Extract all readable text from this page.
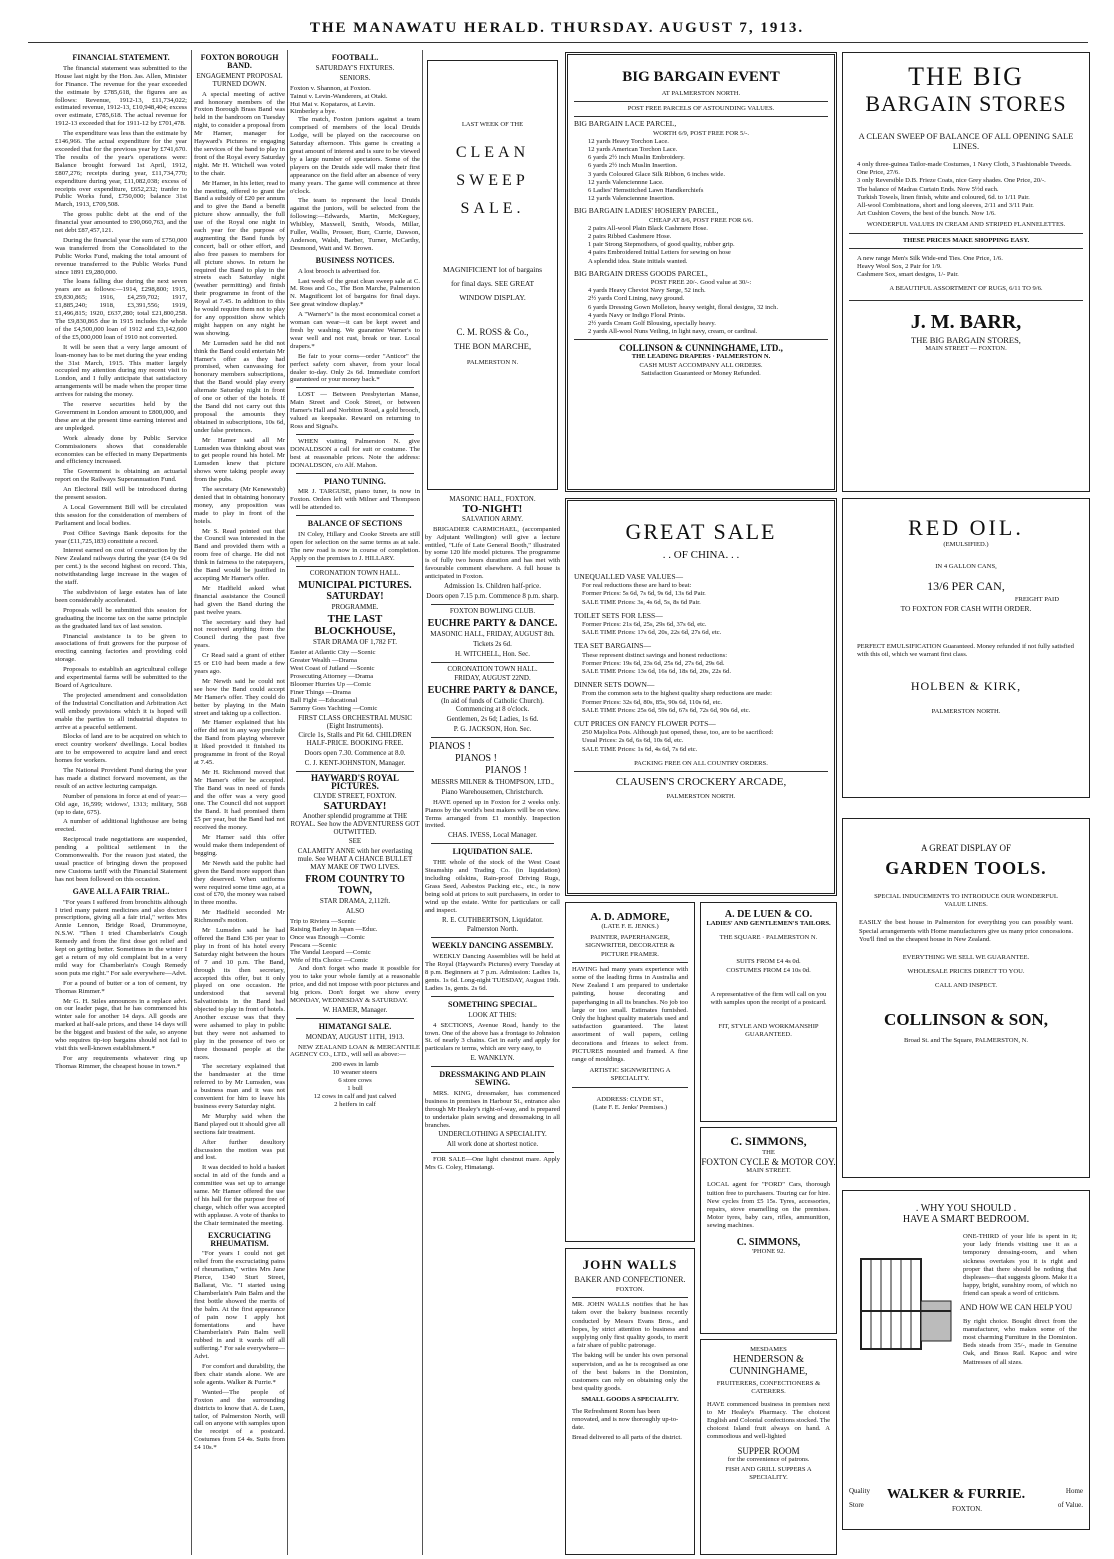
THE MANAWATU HERALD. THURSDAY. AUGUST 7, 1913.
FINANCIAL STATEMENT.

The financial statement was submitted to the House last night by the Hon. Jas. Allen, Minister for Finance. The revenue for the year exceeded the estimate by £785,618, the figures are as follows: Revenue, 1912-13, £11,734,022; estimated revenue, 1912-13, £10,948,404; excess over estimate, £785,618. The actual revenue for 1912-13 exceeded that for 1911-12 by £701,478.

The expenditure was less than the estimate by £146,966. The actual expenditure for the year exceeded that for the previous year by £741,670. The results of the year's operations were: Balance brought forward 1st April, 1912, £807,276; receipts during year, £11,734,770; expenditure during year, £11,082,038; excess of receipts over expenditure, £652,232; tranfer to Public Works fund, £750,000; balance 31st March, 1913, £709,508.

The gross public debt at the end of the financial year amounted to £90,060,763, and the net debt £87,457,121.

During the financial year the sum of £750,000 was transferred from the Consolidated to the Public Works Fund, making the total amount of revenue transferred to the Public Works Fund since 1891 £9,280,000.

The loans falling due during the next seven years are as follows:—1914, £298,800; 1915, £9,830,865; 1916, £4,259,702; 1917, £1,885,240; 1918, £3,391,556; 1919, £1,496,815; 1920, £637,280; total £21,800,258. The £9,830,865 due in 1915 includes the whole of the £4,500,000 loan of 1912 and £3,142,600 of the £5,000,000 loan of 1910 not converted.

It will be seen that a very large amount of loan-money has to be met during the year ending the 31st March, 1915. This matter largely occupied my attention during my recent visit to London, and I fully anticipate that satisfactory arrangements will be made when the proper time arrives for raising the money.

The reserve securities held by the Government in London amount to £800,000, and these are at the present time earning interest and are unpledged.

Work already done by Public Service Commissioners shows that considerable economies can be effected in many Departments and efficiency increased.

The Government is obtaining an actuarial report on the Railways Superannuation Fund.

An Electoral Bill will be introduced during the present session.

A Local Government Bill will be circulated this session for the consideration of members of Parliament and local bodies.

Post Office Savings Bank deposits for the year (£11,725,183) constitute a record.

Interest earned on cost of construction by the New Zealand railways during the year (£4 0s 9d per cent.) is the second highest on record. This, notwithstanding large increase in the wages of the staff.

The subdivision of large estates has of late been considerably accelerated.

Proposals will be submitted this session for graduating the income tax on the same principle as the graduated land tax of last session.

Financial assistance is to be given to associations of fruit growers for the purpose of erecting canning factories and providing cold storage.

Proposals to establish an agricultural college and experimental farms will be submitted to the Board of Agriculture.

The projected amendment and consolidation of the Industrial Conciliation and Arbitration Act will embody provisions which it is hoped will enable the parties to all industrial disputes to arrive at a peaceful settlement.

Blocks of land are to be acquired on which to erect country workers' dwellings. Local bodies are to be empowered to acquire land and erect homes for workers.

The National Provident Fund during the year has made a distinct forward movement, as the result of an active lecturing campaign.

Number of pensions in force at end of year:—Old age, 16,599; widows', 1313; military, 568 (up to date, 675).

A number of additional lighthouse are being erected.

Reciprocal trade negotiations are suspended, pending a political settlement in the Commonwealth. For the reason just stated, the usual practice of bringing down the proposed new Customs tariff with the Financial Statement has not been followed on this occasion.

GAVE ALL A FAIR TRIAL.

"For years I suffered from bronchitis although I tried many patent medicines and also doctors prescriptions, giving all a fair trial," writes Mrs Annie Lennon, Bridge Road, Drummoyne, N.S.W. "Then I tried Chamberlain's Cough Remedy and from the first dose got relief and kept on getting better. Sometimes in the winter I get a return of my old complaint but in a very mild way for Chamberlain's Cough Remedy soon puts me right." For sale everywhere—Advt.

For a pound of butter or a ton of cement, try Thomas Rimmer.*

Mr G. H. Stiles announces in a replace advt. on our leader page, that he has commenced his winter sale for another 14 days. All goods are marked at half-sale prices, and these 14 days will be the biggest and busiest of the sale, so anyone who requires tip-top bargains should not fail to visit this well-known establishment.*

For any requirements whatever ring up Thomas Rimmer, the cheapest house in town.*

FOXTON BOROUGH BAND.
ENGAGEMENT PROPOSAL TURNED DOWN.

A special meeting of active and honorary members of the Foxton Borough Brass Band was held in the bandroom on Tuesday night, to consider a proposal from Mr Hamer, manager for Hayward's Pictures re engaging the services of the band to play in front of the Royal every Saturday night. Mr H. Witchell was voted to the chair.

Mr Hamer, in his letter, read to the meeting, offered to grant the Band a subsidy of £20 per annum and to give the Band a benefit picture show annually, the full use of the Royal one night in each year for the purpose of augmenting the Band funds by concert, ball or other effort, and also free passes to members for all picture shows. In return he required the Band to play in the streets each Saturday night (weather permitting) and finish their programme in front of the Royal at 7.45. In addition to this he would require them not to play for any opposition show which might happen on any night he was showing.

Mr Lumsden said he did not think the Band could entertain Mr Hamer's offer as they had promised, when canvassing for honorary members subscriptions, that the Band would play every alternate Saturday night in front of one or other of the hotels. If the Band did not carry out this proposal the amounts they obtained in subscriptions, 10s 6d, under false pretences.

Mr Hamer said all Mr Lumsden was thinking about was to get people round his hotel. Mr Lumsden knew that picture shows were taking people away from the pubs.

The secretary (Mr Kenewstub) denied that in obtaining honorary money, any proposition was made to play in front of the hotels.

Mr S. Read pointed out that the Council was interested in the Band and provided them with a room free of charge. He did not think in fairness to the ratepayers, the Band would be justified in accepting Mr Hamer's offer.

Mr Hadfield asked what financial assistance the Council had given the Band during the past twelve years.

The secretary said they had not received anything from the Council during the past five years.

Cr Read said a grant of either £5 or £10 had been made a few years ago.

Mr Newth said he could not see how the Band could accept Mr Hamer's offer. They could do better by playing in the Main street and taking up a collection.

Mr Hamer explained that his offer did not in any way preclude the Band from playing wherever it liked provided it finished its programme in front of the Royal at 7.45.

Mr H. Richmond moved that Mr Hamer's offer be accepted. The Band was in need of funds and the offer was a very good one. The Council did not support the Band. It had promised them £5 per year, but the Band had not received the money.

Mr Hamer said this offer would make them independent of begging.

Mr Newth said the public had given the Band more support than they deserved. When uniforms were required some time ago, at a cost of £70, the money was raised in three months.

Mr Hadfield seconded Mr Richmond's motion.

Mr Lumsden said he had offered the Band £36 per year to play in front of his hotel every Saturday night between the hours of 7 and 10 p.m. The Band, through its then secretary, accepted this offer, but it only played on one occasion. He understood that several Salvationists in the Band had objected to play in front of hotels. Another excuse was that they were ashamed to play in public but they were not ashamed to play in the presence of two or three thousand people at the races.

The secretary explained that the bandmaster at the time referred to by Mr Lumsden, was a business man and it was not convenient for him to leave his business every Saturday night.

Mr Murphy said when the Band played out it should give all sections fair treatment.

After further desultory discussion the motion was put and lost.

It was decided to hold a basket social in aid of the funds and a committee was set up to arrange same. Mr Hamer offered the use of his hall for the purpose free of charge, which offer was accepted with applause. A vote of thanks to the Chair terminated the meeting.

EXCRUCIATING RHEUMATISM.

"For years I could not get relief from the excruciating pains of rheumatism," writes Mrs Jane Pierce, 1340 Sturt Street, Ballarat, Vic. "I started using Chamberlain's Pain Balm and the first bottle showed the merits of the balm. At the first appearance of pain now I apply hot fomentations and have Chamberlain's Pain Balm well rubbed in and it wards off all suffering." For sale everywhere—Advt.

For comfort and durability, the Ibex chair stands alone. We are sole agents. Walker & Furrie.*

Wanted—The people of Foxton and the surrounding districts to know that A. de Luen, tailor, of Palmerston North, will call on anyone with samples upon the receipt of a postcard. Costumes from £4 4s. Suits from £4 10s.*

FOOTBALL.
SATURDAY'S FIXTURES.
SENIORS.
Foxton v. Shannon, at Foxton.
Tainui v. Levin-Wanderers, at Otaki.
Hui Mai v. Kopataros, at Levin.
Kimberley a bye.

The match, Foxton juniors against a team comprised of members of the local Druids Lodge, will be played on the racecourse on Saturday afternoon. This game is creating a great amount of interest and is sure to be viewed by a large number of spectators. Some of the players on the Druids side will make their first appearance on the field after an absence of very many years. The game will commence at three o'clock.

The team to represent the local Druids against the juniors, will be selected from the following:—Edwards, Martin, McKeguey, Whibley, Maxwell, Smith, Woods, Millar, Fuller, Wallis, Prosser, Burr, Currie, Dawson, Anderson, Walsh, Barber, Turner, McCarthy, Desmond, Watt and W. Brown.

BUSINESS NOTICES.

A lost brooch is advertised for.

Last week of the great clean sweep sale at C. M. Ross and Co., The Bon Marche, Palmerston N. Magnificent lot of bargains for final days. See great window display.*

A "Warner's" is the most economical corset a woman can wear—it can be kept sweet and fresh by washing. We guarantee Warner's to wear well and not rust, break or tear. Local drapers.*

Be fair to your corns—order "Anticor" the perfect safety corn shaver, from your local dealer to-day. Only 2s 6d. Immediate comfort guaranteed or your money back.*

LOST — Between Presbyterian Manse, Main Street and Cook Street, or between Hamer's Hall and Norbiton Road, a gold brooch, valued as keepsake. Reward on returning to Ross and Signal's.

WHEN visiting Palmerston N. give DONALDSON a call for suit or costume. The best at reasonable prices. Note the address: DONALDSON, c/o Alf. Mahon.

PIANO TUNING.

MR J. TARGUSE, piano tuner, is now in Foxton. Orders left with Milner and Thompson will be attended to.

BALANCE OF SECTIONS

IN Coley, Hillary and Cooke Streets are still open for selection on the same terms as at sale. The new road is now in course of completion. Apply on the premises to J. HILLARY.

CORONATION TOWN HALL.
MUNICIPAL PICTURES. SATURDAY!
PROGRAMME.
THE LAST BLOCKHOUSE,
STAR DRAMA OF 1,782 FT.
Easter at Atlantic City —Scenic
Greater Wealth —Drama
West Coast of Jutland —Scenic
Prosecuting Attorney —Drama
Bloomer Hurries Up —Comic
Finer Things —Drama
Ball Fight —Educational
Sammy Goes Yachting —Comic
FIRST CLASS ORCHESTRAL MUSIC (Eight Instruments).
Circle 1s, Stalls and Pit 6d. CHILDREN HALF-PRICE. BOOKING FREE.
Doors open 7.30. Commence at 8.0.
C. J. KENT-JOHNSTON, Manager.
HAYWARD'S ROYAL PICTURES.
CLYDE STREET, FOXTON.
SATURDAY!
Another splendid programme at THE ROYAL. See how the ADVENTURESS GOT OUTWITTED.
SEE
CALAMITY ANNE with her everlasting mule. See WHAT A CHANCE BULLET MAY MAKE OF TWO LIVES.
FROM COUNTRY TO TOWN,
STAR DRAMA, 2,112ft.
ALSO
Trip to Riviera —Scenic
Raising Barley in Japan —Educ.
Once was Enough —Comic
Pescara —Scenic
The Vandal Leopard —Comic
Wife of His Choice —Comic

And don't forget who made it possible for you to take your whole family at a reasonable price, and did not impose with poor pictures and big prices. Don't forget we show every MONDAY, WEDNESDAY & SATURDAY.

W. HAMER, Manager.
HIMATANGI SALE.
MONDAY, AUGUST 11TH, 1913.

NEW ZEALAND LOAN & MERCANTILE AGENCY CO., LTD., will sell as above:—

200 ewes in lamb
10 weaner steers
6 store cows
1 bull
12 cows in calf and just calved
2 heifers in calf
LAST WEEK OF THE
CLEAN
SWEEP
SALE.
MAGNIFICIENT lot of bargains for final days. SEE GREAT WINDOW DISPLAY.
C. M. ROSS & Co.,
THE BON MARCHE,
PALMERSTON N.
MASONIC HALL, FOXTON.
TO-NIGHT!
SALVATION ARMY.

BRIGADIER CARMICHAEL, (accompanied by Adjutant Wellington) will give a lecture entitled, "Life of Late General Booth," illustrated by some 120 life model pictures. The programme is of fully two hours duration and has met with favourable comment elsewhere. A full house is anticipated in Foxton.

Admission 1s. Children half-price.
Doors open 7.15 p.m. Commence 8 p.m. sharp.
FOXTON BOWLING CLUB.
EUCHRE PARTY & DANCE.
MASONIC HALL, FRIDAY, AUGUST 8th.
Tickets 2s 6d.
H. WITCHELL, Hon. Sec.
CORONATION TOWN HALL.
FRIDAY, AUGUST 22ND.
EUCHRE PARTY & DANCE,
(In aid of funds of Catholic Church). Commencing at 8 o'clock.
Gentlemen, 2s 6d; Ladies, 1s 6d.
P. G. JACKSON, Hon. Sec.
PIANOS !
PIANOS !
PIANOS !
MESSRS MILNER & THOMPSON, LTD.,
Piano Warehousemen, Christchurch.

HAVE opened up in Foxton for 2 weeks only. Pianos by the world's best makers will be on view. Terms arranged from £1 monthly. Inspection invited.

CHAS. IVESS, Local Manager.
LIQUIDATION SALE.

THE whole of the stock of the West Coast Steamship and Trading Co. (in liquidation) including oilskins, Rain-proof Driving Rugs, Grass Seed, Asbestos Packing etc., etc., is now being sold at prices to suit purchasers, in order to wind up the estate. Write for particulars or call and inspect.

R. E. CUTHBERTSON, Liquidator.
Palmerston North.
WEEKLY DANCING ASSEMBLY.

WEEKLY Dancing Assemblies will be held at The Royal (Hayward's Pictures) every Tuesday at 8 p.m. Beginners at 7 p.m. Admission: Ladies 1s, gents. 1s 6d. Long-night TUESDAY, August 19th. Ladies 1s, gents. 2s 6d.

SOMETHING SPECIAL.
LOOK AT THIS:

4 SECTIONS, Avenue Road, handy to the town. One of the above has a frontage to Johnston St. of nearly 3 chains. Get in early and apply for particulars re terms, which are very easy, to

E. WANKLYN.
DRESSMAKING AND PLAIN SEWING.

MRS. KING, dressmaker, has commenced business in premises in Harbour St., entrance also through Mr Healey's right-of-way, and is prepared to undertake plain sewing and dressmaking in all branches.

UNDERCLOTHING A SPECIALITY.
All work done at shortest notice.

FOR SALE—One light chestnut mare. Apply Mrs G. Coley, Himatangi.

BIG BARGAIN EVENT
AT PALMERSTON NORTH.
POST FREE PARCELS OF ASTOUNDING VALUES.
BIG BARGAIN LACE PARCEL,
WORTH 6/9, POST FREE FOR 5/-.
12 yards Heavy Torchon Lace.
12 yards American Torchon Lace.
6 yards 2½ inch Muslin Embroidery.
6 yards 2½ inch Muslin Insertion.
3 yards Coloured Glace Silk Ribbon, 6 inches wide.
12 yards Valenciennne Lace.
6 Ladies' Hemstitched Lawn Handkerchiefs
12 yards Valenciennne Insertion.
BIG BARGAIN LADIES' HOSIERY PARCEL,
CHEAP AT 8/6, POST FREE FOR 6/6.
2 pairs All-wool Plain Black Cashmere Hose.
2 pairs Ribbed Cashmere Hose.
1 pair Strong Stepmothers, of good quality, rubber grip.
4 pairs Embroidered Initial Letters for sewing on hose
A splendid idea. State initials wanted.
BIG BARGAIN DRESS GOODS PARCEL,
POST FREE 20/-. Good value at 30/-:
4 yards Heavy Cheviot Navy Serge, 52 inch.
2½ yards Cord Lining, navy ground.
6 yards Dressing Gown Molleton, heavy weight, floral designs, 32 inch.
4 yards Navy or Indigo Floral Prints.
2½ yards Cream Golf Blousing, specially heavy.
2 yards All-wool Nuns Veiling, in light navy, cream, or cardinal.
COLLINSON & CUNNINGHAME, LTD.,
THE LEADING DRAPERS · PALMERSTON N.
CASH MUST ACCOMPANY ALL ORDERS.
Satisfaction Guaranteed or Money Refunded.
THE BIG
BARGAIN STORES
A CLEAN SWEEP OF BALANCE OF ALL OPENING SALE LINES.
4 only three-guinea Tailor-made Costumes, 1 Navy Cloth, 3 Fashionable Tweeds. One Price, 27/6.
3 only Reversible D.B. Frieze Coats, nice Grey shades. One Price, 20/-.
The balance of Madras Curtain Ends. Now 5½d each.
Turkish Towels, linen finish, white and coloured, 6d. to 1/11 Pair.
All-wool Combinations, short and long sleeves, 2/11 and 3/11 Pair.
Art Cushion Covers, the best of the bunch. Now 1/6.
WONDERFUL VALUES IN CREAM AND STRIPED FLANNELETTES.
THESE PRICES MAKE SHOPPING EASY.
A new range Men's Silk Wide-end Ties. One Price, 1/6.
Heavy Wool Sox, 2 Pair for 1/9.
Cashmere Sox, smart designs, 1/- Pair.
A BEAUTIFUL ASSORTMENT OF RUGS, 6/11 TO 9/6.
J. M. BARR,
THE BIG BARGAIN STORES,
MAIN STREET — FOXTON.
GREAT SALE
. . OF CHINA. . .
UNEQUALLED VASE VALUES—
For real reductions these are hard to beat:
Former Prices: 5s 6d, 7s 6d, 9s 6d, 13s 6d Pair.
SALE TIME Prices: 3s, 4s 6d, 5s, 8s 6d Pair.
TOILET SETS FOR LESS—
Former Prices: 21s 6d, 25s, 29s 6d, 37s 6d, etc.
SALE TIME Prices: 17s 6d, 20s, 22s 6d, 27s 6d, etc.
TEA SET BARGAINS—
These represent distinct savings and honest reductions:
Former Prices: 19s 6d, 23s 6d, 25s 6d, 27s 6d, 29s 6d.
SALE TIME Prices: 13s 6d, 16s 6d, 18s 6d, 20s, 22s 6d.
DINNER SETS DOWN—
From the common sets to the highest quality sharp reductions are made:
Former Prices: 32s 6d, 80s, 85s, 90s 6d, 110s 6d, etc.
SALE TIME Prices: 25s 6d, 59s 6d, 67s 6d, 72s 6d, 90s 6d, etc.
CUT PRICES ON FANCY FLOWER POTS—
250 Majolica Pots. Although just opened, these, too, are to be sacrificed:
Usual Prices: 2s 6d, 6s 6d, 10s 6d, etc.
SALE TIME Prices: 1s 6d, 4s 6d, 7s 6d etc.
PACKING FREE ON ALL COUNTRY ORDERS.
CLAUSEN'S CROCKERY ARCADE,
PALMERSTON NORTH.
RED OIL.
(EMULSIFIED.)
IN 4 GALLON CANS,
13/6 PER CAN,
FREIGHT PAID
TO FOXTON FOR CASH WITH ORDER.
PERFECT EMULSIFICATION Guaranteed. Money refunded if not fully satisfied with this oil, which we warrant first class.
HOLBEN & KIRK,
PALMERSTON NORTH.
A. D. ADMORE,
(LATE F. E. JENKS.)
PAINTER, PAPERHANGER, SIGNWRITER, DECORATER & PICTURE FRAMER.

HAVING had many years experience with some of the leading firms in Australia and New Zealand I am prepared to undertake painting, house decorating and paperhanging in all its branches. No job too large or too small. Estimates furnished. Only the highest quality materials used and satisfaction guaranteed. The latest assortment of wall papers, ceiling decorations and friezes to select from. PICTURES mounted and framed. A fine range of mouldings.

ARTISTIC SIGNWRITING A SPECIALITY.
ADDRESS: CLYDE ST.,
(Late F. E. Jenks' Premises.)
A. DE LUEN & CO.
LADIES' AND GENTLEMEN'S TAILORS.
THE SQUARE · PALMERSTON N.
SUITS FROM £4 4s 0d.
COSTUMES FROM £4 10s 0d.
A representative of the firm will call on you with samples upon the receipt of a postcard.
FIT, STYLE AND WORKMANSHIP GUARANTEED.
C. SIMMONS,
THE
FOXTON CYCLE & MOTOR COY.
MAIN STREET.

LOCAL agent for "FORD" Cars, thorough tuition free to purchasers. Touring car for hire. New cycles from £5 15s. Tyres, accessories, repairs, stove enamelling on the premises. Motor tyres, baby cars, rifles, ammunition, sewing machines.

C. SIMMONS,
'PHONE 92.
JOHN WALLS
BAKER AND CONFECTIONER.
FOXTON.

MR. JOHN WALLS notifies that he has taken over the bakery business recently conducted by Messrs Evans Bros., and hopes, by strict attention to business and supplying only first quality goods, to merit a fair share of public patronage.

The baking will be under his own personal supervision, and as he is recognised as one of the best bakers in the Dominion, customers can rely on obtaining only the best quality goods.

SMALL GOODS A SPECIALITY.

The Refreshment Room has been renovated, and is now thoroughly up-to-date.

Bread delivered to all parts of the district.

MESDAMES
HENDERSON & CUNNINGHAME,
FRUITERERS, CONFECTIONERS & CATERERS.

HAVE commenced business in premises next to Mr Healey's Pharmacy. The choicest English and Colonial confections stocked. The choicest Island fruit always on hand. A commodious and well-lighted

SUPPER ROOM
for the convenience of patrons.
FISH AND GRILL SUPPERS A SPECIALITY.
A GREAT DISPLAY OF
GARDEN TOOLS.
SPECIAL INDUCEMENTS TO INTRODUCE OUR WONDERFUL VALUE LINES.

EASILY the best house in Palmerston for everything you can possibly want. Special arrangements with Home manufacturers give us many price concessions. You'll find us the cheapest house in New Zealand.

EVERYTHING WE SELL WE GUARANTEE.
WHOLESALE PRICES DIRECT TO YOU.
CALL AND INSPECT.
COLLINSON & SON,
Broad St. and The Square, PALMERSTON, N.
. WHY YOU SHOULD .
HAVE A SMART BEDROOM.

ONE-THIRD of your life is spent in it; your lady friends visiting use it as a temporary dressing-room, and when sickness overtakes you it is right and proper that there should be nothing that displeases—that suggests gloom. Make it a happy, bright, sunshiny room, of which no friend can speak a word of criticism.

AND HOW WE CAN HELP YOU

By right choice. Bought direct from the manufacturer, who makes some of the most charming Furniture in the Dominion. Beds steads from 35/-, made in Genuine Oak, and Brass Rail. Kapoc and wire Mattresses of all sizes.

Quality
Store
WALKER & FURRIE.	Home
of Value.
FOXTON.
